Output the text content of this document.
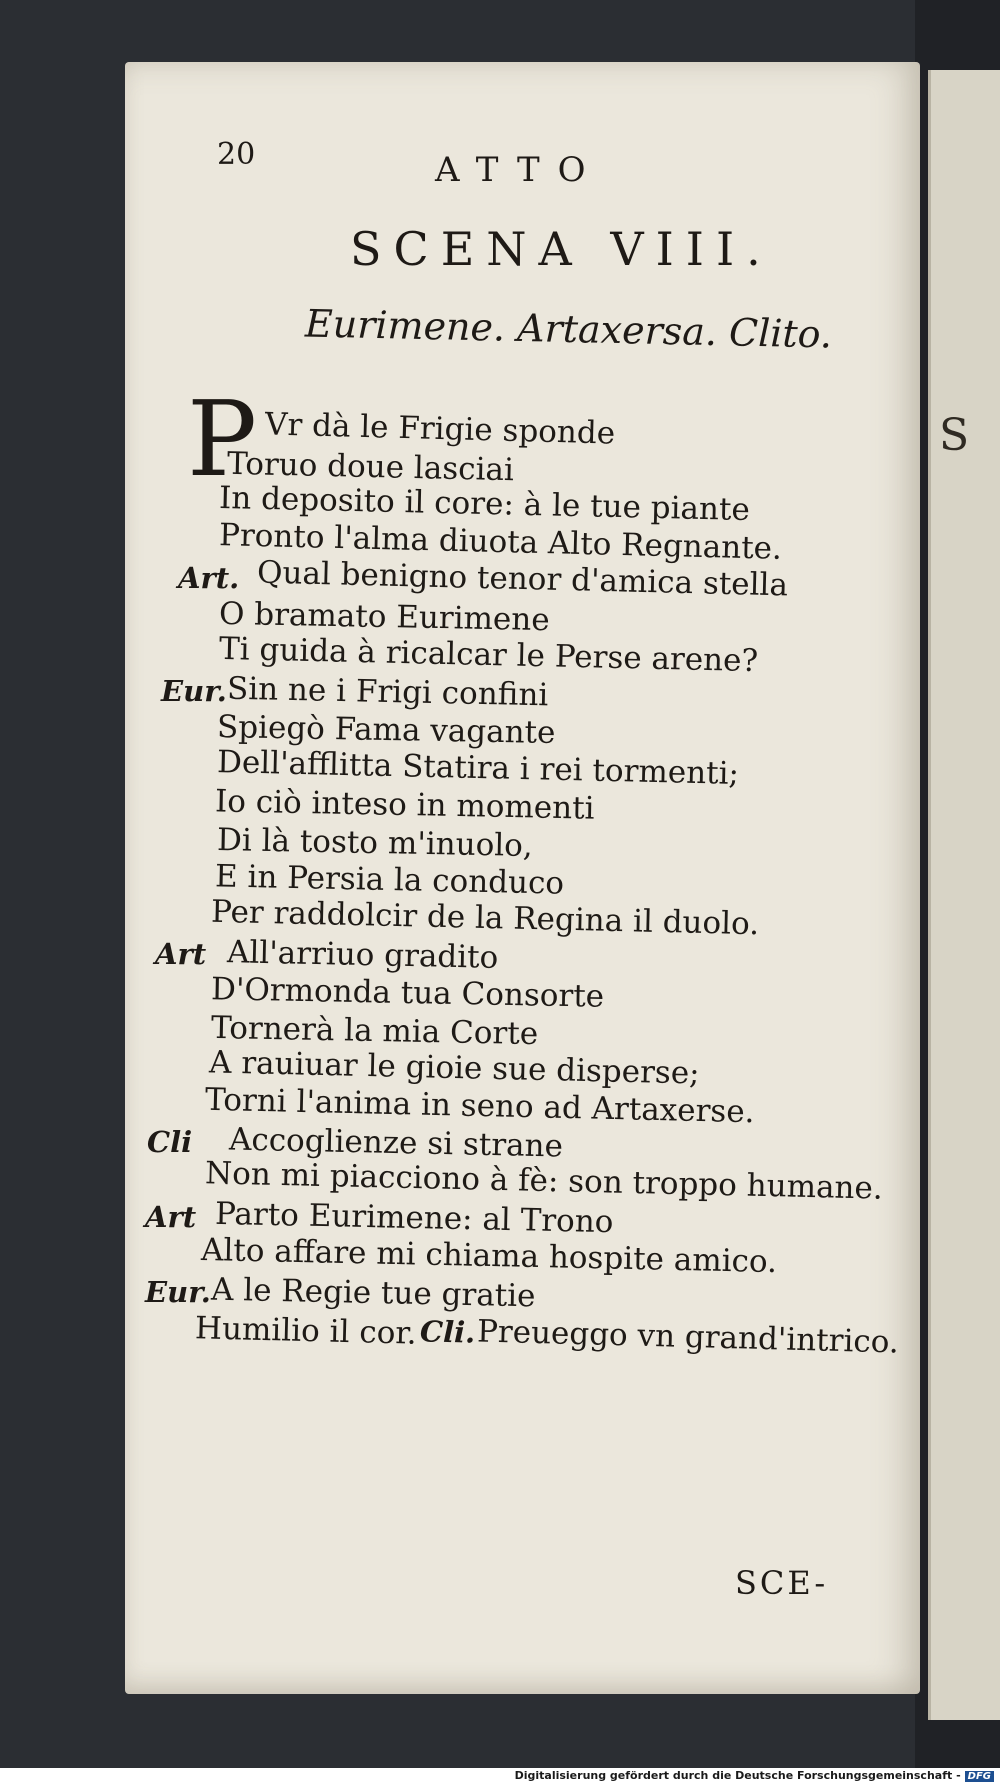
S
20	ATTO
SCENA VIII.
Eurimene. Artaxersa. Clito.
P Vr dà le Frigie sponde
Toruo doue lasciai
In deposito il core: à le tue piante
Pronto l'alma diuota Alto Regnante.
Art. Qual benigno tenor d'amica stella
O bramato Eurimene
Ti guida à ricalcar le Perse arene?
Eur. Sin ne i Frigi confini
Spiegò Fama vagante
Dell'afflitta Statira i rei tormenti;
Io ciò inteso in momenti
Di là tosto m'inuolo,
E in Persia la conduco
Per raddolcir de la Regina il duolo.
Art All'arriuo gradito
D'Ormonda tua Consorte
Tornerà la mia Corte
A rauiuar le gioie sue disperse;
Torni l'anima in seno ad Artaxerse.
Cli Accoglienze si strane
Non mi piacciono à fè: son troppo humane.
Art Parto Eurimene: al Trono
Alto affare mi chiama hospite amico.
Eur. A le Regie tue gratie
Humilio il cor. Cli. Preueggo vn grand'intrico.
SCE-
Digitalisierung gefördert durch die Deutsche Forschungsgemeinschaft - DFG
